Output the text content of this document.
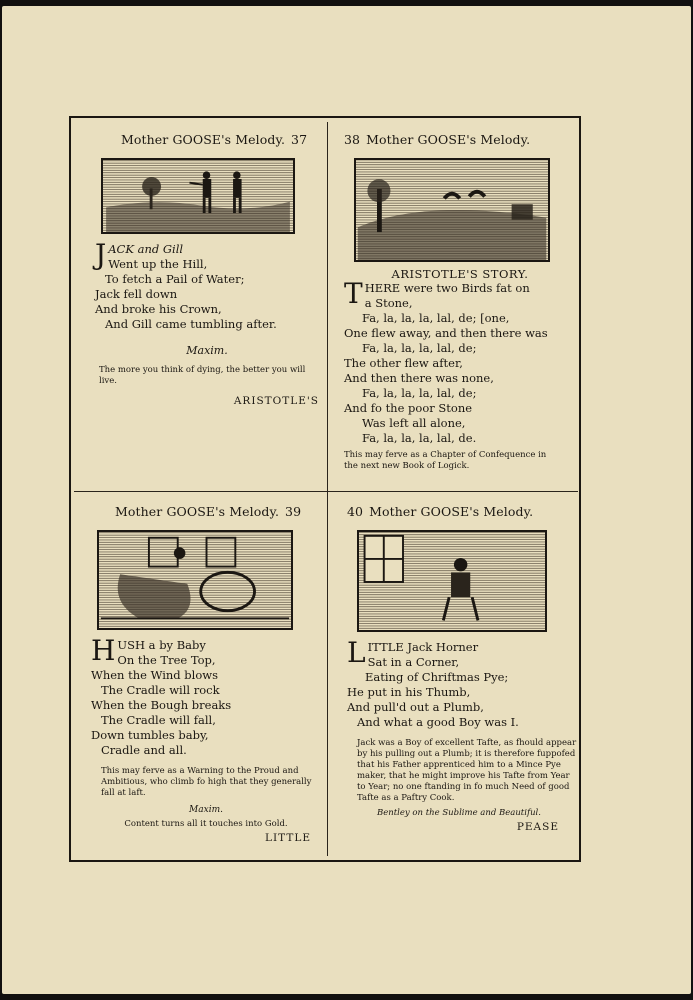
Mother GOOSE's Melody. 37
JACK and Gill
Went up the Hill,
To fetch a Pail of Water;
Jack fell down
And broke his Crown,
And Gill came tumbling after.
Maxim.
The more you think of dying, the better you will live.
ARISTOTLE'S
38 Mother GOOSE's Melody.
ARISTOTLE'S STORY.
THERE were two Birds fat on
a Stone,
Fa, la, la, la, lal, de; [one,
One flew away, and then there was
Fa, la, la, la, lal, de;
The other flew after,
And then there was none,
Fa, la, la, la, lal, de;
And fo the poor Stone
Was left all alone,
Fa, la, la, la, lal, de.
This may ferve as a Chapter of Confequence in the next new Book of Logick.
Mother GOOSE's Melody. 39
HUSH a by Baby
On the Tree Top,
When the Wind blows
The Cradle will rock
When the Bough breaks
The Cradle will fall,
Down tumbles baby,
Cradle and all.
This may ferve as a Warning to the Proud and Ambitious, who climb fo high that they generally fall at laft.
Maxim.
Content turns all it touches into Gold.
LITTLE
40 Mother GOOSE's Melody.
LITTLE Jack Horner
Sat in a Corner,
Eating of Chriftmas Pye;
He put in his Thumb,
And pull'd out a Plumb,
And what a good Boy was I.
Jack was a Boy of excellent Tafte, as fhould appear by his pulling out a Plumb; it is therefore fuppofed that his Father apprenticed him to a Mince Pye maker, that he might improve his Tafte from Year to Year; no one ftanding in fo much Need of good Tafte as a Paftry Cook.
Bentley on the Sublime and Beautiful.
PEASE
